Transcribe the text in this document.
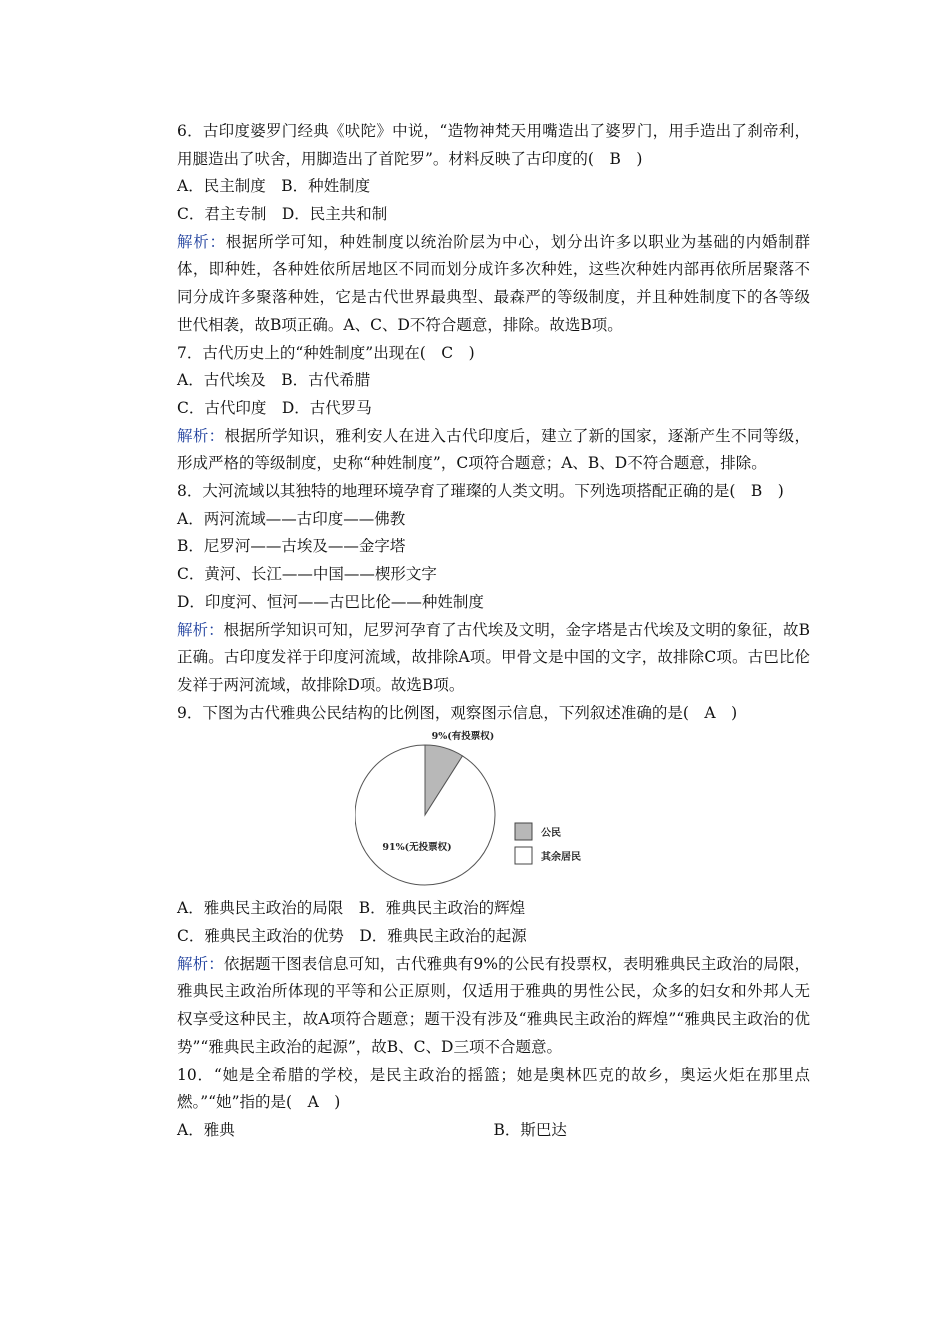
6．古印度婆罗门经典《吠陀》中说，“造物神梵天用嘴造出了婆罗门，用手造出了刹帝利，用腿造出了吠舍，用脚造出了首陀罗”。材料反映了古印度的(　B　)
A．民主制度　B．种姓制度
C．君主专制　D．民主共和制
解析：根据所学可知，种姓制度以统治阶层为中心，划分出许多以职业为基础的内婚制群体，即种姓，各种姓依所居地区不同而划分成许多次种姓，这些次种姓内部再依所居聚落不同分成许多聚落种姓，它是古代世界最典型、最森严的等级制度，并且种姓制度下的各等级世代相袭，故B项正确。A、C、D不符合题意，排除。故选B项。
7．古代历史上的“种姓制度”出现在(　C　)
A．古代埃及　B．古代希腊
C．古代印度　D．古代罗马
解析：根据所学知识，雅利安人在进入古代印度后，建立了新的国家，逐渐产生不同等级，形成严格的等级制度，史称“种姓制度”，C项符合题意；A、B、D不符合题意，排除。
8．大河流域以其独特的地理环境孕育了璀璨的人类文明。下列选项搭配正确的是(　B　)
A．两河流域——古印度——佛教
B．尼罗河——古埃及——金字塔
C．黄河、长江——中国——楔形文字
D．印度河、恒河——古巴比伦——种姓制度
解析：根据所学知识可知，尼罗河孕育了古代埃及文明，金字塔是古代埃及文明的象征，故B正确。古印度发祥于印度河流域，故排除A项。甲骨文是中国的文字，故排除C项。古巴比伦发祥于两河流域，故排除D项。故选B项。
9．下图为古代雅典公民结构的比例图，观察图示信息，下列叙述准确的是(　A　)
9%(有投票权)
91%(无投票权)
公民
其余居民
A．雅典民主政治的局限　B．雅典民主政治的辉煌
C．雅典民主政治的优势　D．雅典民主政治的起源
解析：依据题干图表信息可知，古代雅典有9%的公民有投票权，表明雅典民主政治的局限，雅典民主政治所体现的平等和公正原则，仅适用于雅典的男性公民，众多的妇女和外邦人无权享受这种民主，故A项符合题意；题干没有涉及“雅典民主政治的辉煌”“雅典民主政治的优势”“雅典民主政治的起源”，故B、C、D三项不合题意。
10．“她是全希腊的学校，是民主政治的摇篮；她是奥林匹克的故乡，奥运火炬在那里点燃。”“她”指的是(　A　)
A．雅典	B．斯巴达
